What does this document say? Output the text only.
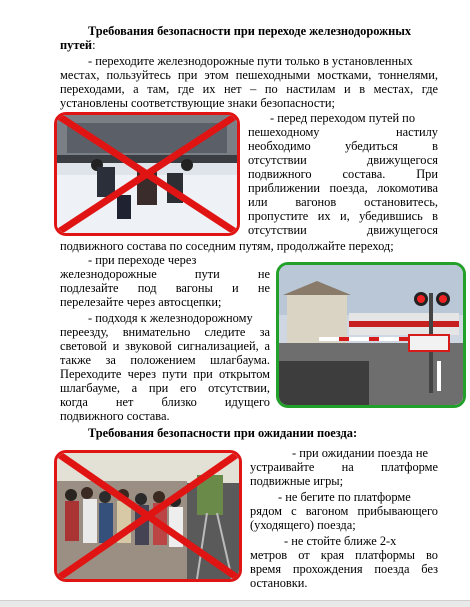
Требования безопасности при переходе железнодорожных
путей:
- переходите железнодорожные пути только в установленных
местах, пользуйтесь при этом пешеходными мостками, тоннелями,
переходами, а там, где их нет – по настилам и в местах, где
установлены соответствующие знаки безопасности;
- перед переходом путей по
пешеходному настилу
необходимо убедиться в
отсутствии движущегося
подвижного состава. При
приближении поезда, локомотива
или вагонов остановитесь,
пропустите их и, убедившись в
отсутствии движущегося
подвижного состава по соседним путям, продолжайте переход;
- при переходе через
железнодорожные пути не
подлезайте под вагоны и не
перелезайте через автосцепки;
- подходя к железнодорожному
переезду, внимательно следите за
световой и звуковой сигнализацией, а
также за положением шлагбаума.
Переходите через пути при открытом
шлагбауме, а при его отсутствии,
когда нет близко идущего
подвижного состава.
Требования безопасности при ожидании поезда:
- при ожидании поезда не
устраивайте на платформе
подвижные игры;
- не бегите по платформе
рядом с вагоном прибывающего
(уходящего) поезда;
- не стойте ближе 2-х
метров от края платформы во
время прохождения поезда без
остановки.
